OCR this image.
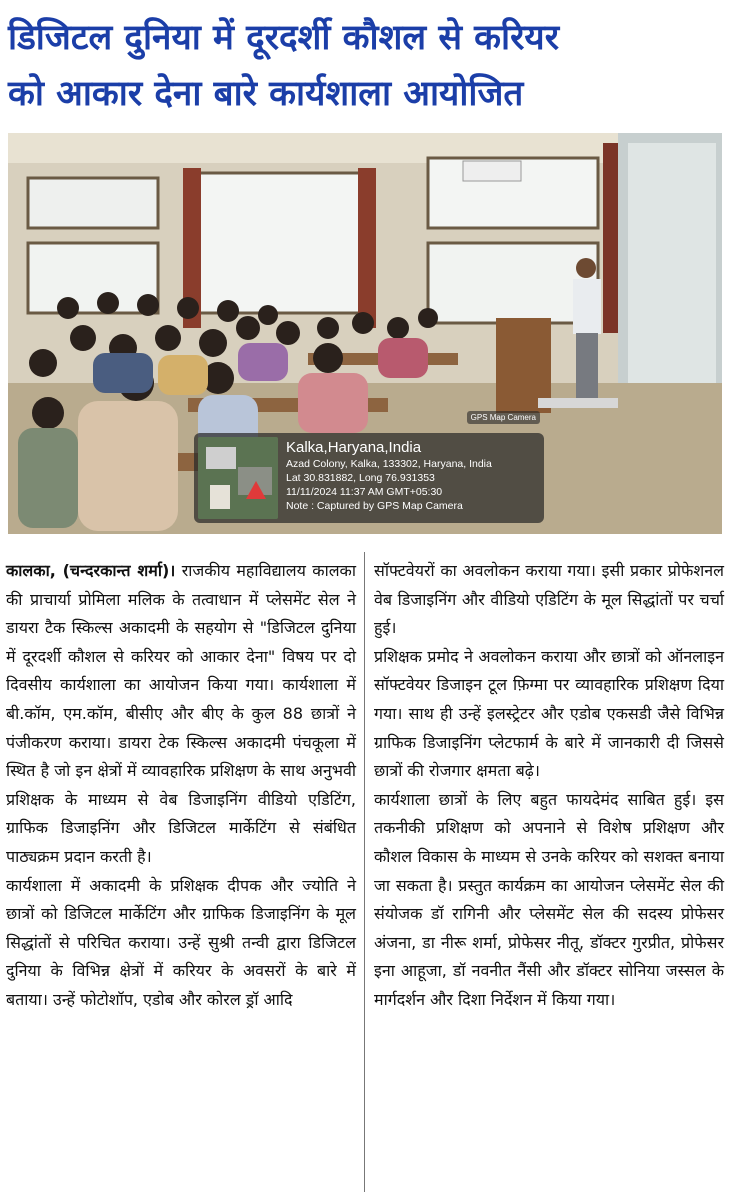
डिजिटल दुनिया में दूरदर्शी कौशल से करियर
को आकार देना बारे कार्यशाला आयोजित
GPS Map Camera
Kalka,Haryana,India
Azad Colony, Kalka, 133302, Haryana, India
Lat 30.831882, Long 76.931353
11/11/2024 11:37 AM GMT+05:30
Note : Captured by GPS Map Camera

कालका, (चन्दरकान्त शर्मा)। राजकीय महाविद्यालय कालका की प्राचार्या प्रोमिला मलिक के तत्वाधान में प्लेसमेंट सेल ने डायरा टैक स्किल्स अकादमी के सहयोग से "डिजिटल दुनिया में दूरदर्शी कौशल से करियर को आकार देना" विषय पर दो दिवसीय कार्यशाला का आयोजन किया गया। कार्यशाला में बी.कॉम, एम.कॉम, बीसीए और बीए के कुल 88 छात्रों ने पंजीकरण कराया। डायरा टेक स्किल्स अकादमी पंचकूला में स्थित है जो इन क्षेत्रों में व्यावहारिक प्रशिक्षण के साथ अनुभवी प्रशिक्षक के माध्यम से वेब डिजाइनिंग वीडियो एडिटिंग, ग्राफिक डिजाइनिंग और डिजिटल मार्केटिंग से संबंधित पाठ्यक्रम प्रदान करती है।

कार्यशाला में अकादमी के प्रशिक्षक दीपक और ज्योति ने छात्रों को डिजिटल मार्केटिंग और ग्राफिक डिजाइनिंग के मूल सिद्धांतों से परिचित कराया। उन्हें सुश्री तन्वी द्वारा डिजिटल दुनिया के विभिन्न क्षेत्रों में करियर के अवसरों के बारे में बताया। उन्हें फोटोशॉप, एडोब और कोरल ड्रॉ आदि

सॉफ्टवेयरों का अवलोकन कराया गया। इसी प्रकार प्रोफेशनल वेब डिजाइनिंग और वीडियो एडिटिंग के मूल सिद्धांतों पर चर्चा हुई।

प्रशिक्षक प्रमोद ने अवलोकन कराया और छात्रों को ऑनलाइन सॉफ्टवेयर डिजाइन टूल फ़िग्मा पर व्यावहारिक प्रशिक्षण दिया गया। साथ ही उन्हें इलस्ट्रेटर और एडोब एकसडी जैसे विभिन्न ग्राफिक डिजाइनिंग प्लेटफार्म के बारे में जानकारी दी जिससे छात्रों की रोजगार क्षमता बढ़े।

कार्यशाला छात्रों के लिए बहुत फायदेमंद साबित हुई। इस तकनीकी प्रशिक्षण को अपनाने से विशेष प्रशिक्षण और कौशल विकास के माध्यम से उनके करियर को सशक्त बनाया जा सकता है। प्रस्तुत कार्यक्रम का आयोजन प्लेसमेंट सेल की संयोजक डॉ रागिनी और प्लेसमेंट सेल की सदस्य प्रोफेसर अंजना, डा नीरू शर्मा, प्रोफेसर नीतू, डॉक्टर गुरप्रीत, प्रोफेसर इना आहूजा, डॉ नवनीत नैंसी और डॉक्टर सोनिया जस्सल के मार्गदर्शन और दिशा निर्देशन में किया गया।
